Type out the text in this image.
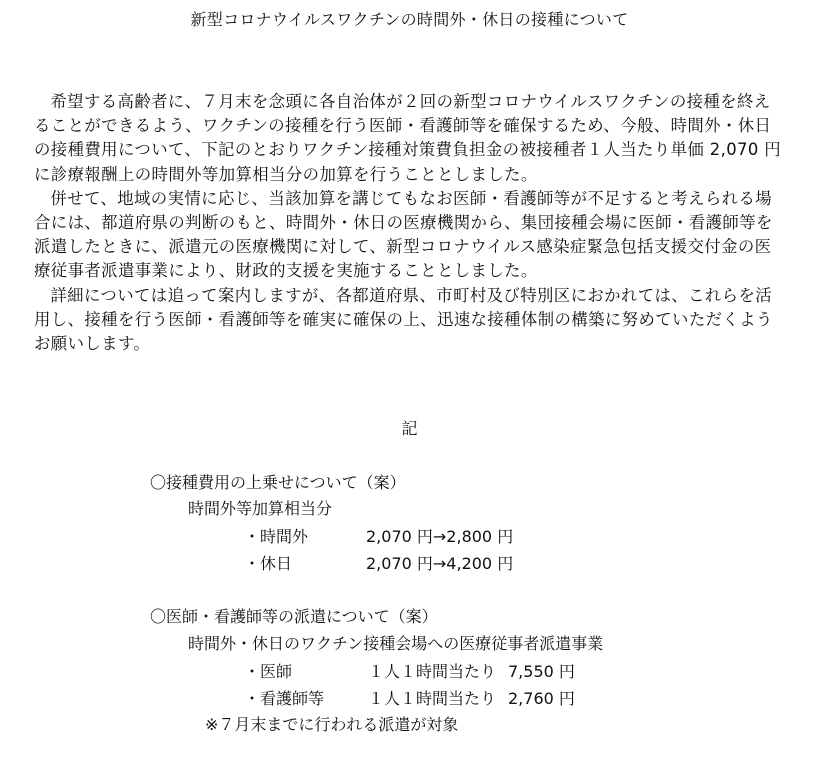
新型コロナウイルスワクチンの時間外・休日の接種について

希望する高齢者に、７月末を念頭に各自治体が２回の新型コロナウイルスワクチンの接種を終えることができるよう、ワクチンの接種を行う医師・看護師等を確保するため、今般、時間外・休日の接種費用について、下記のとおりワクチン接種対策費負担金の被接種者１人当たり単価 2,070 円に診療報酬上の時間外等加算相当分の加算を行うこととしました。

併せて、地域の実情に応じ、当該加算を講じてもなお医師・看護師等が不足すると考えられる場合には、都道府県の判断のもと、時間外・休日の医療機関から、集団接種会場に医師・看護師等を派遣したときに、派遣元の医療機関に対して、新型コロナウイルス感染症緊急包括支援交付金の医療従事者派遣事業により、財政的支援を実施することとしました。

詳細については追って案内しますが、各都道府県、市町村及び特別区におかれては、これらを活用し、接種を行う医師・看護師等を確実に確保の上、迅速な接種体制の構築に努めていただくようお願いします。

記
〇接種費用の上乗せについて（案）
時間外等加算相当分
・時間外	2,070 円→2,800 円
・休日	2,070 円→4,200 円
〇医師・看護師等の派遣について（案）
時間外・休日のワクチン接種会場への医療従事者派遣事業
・医師	１人１時間当たり 7,550 円
・看護師等	１人１時間当たり 2,760 円
※７月末までに行われる派遣が対象
